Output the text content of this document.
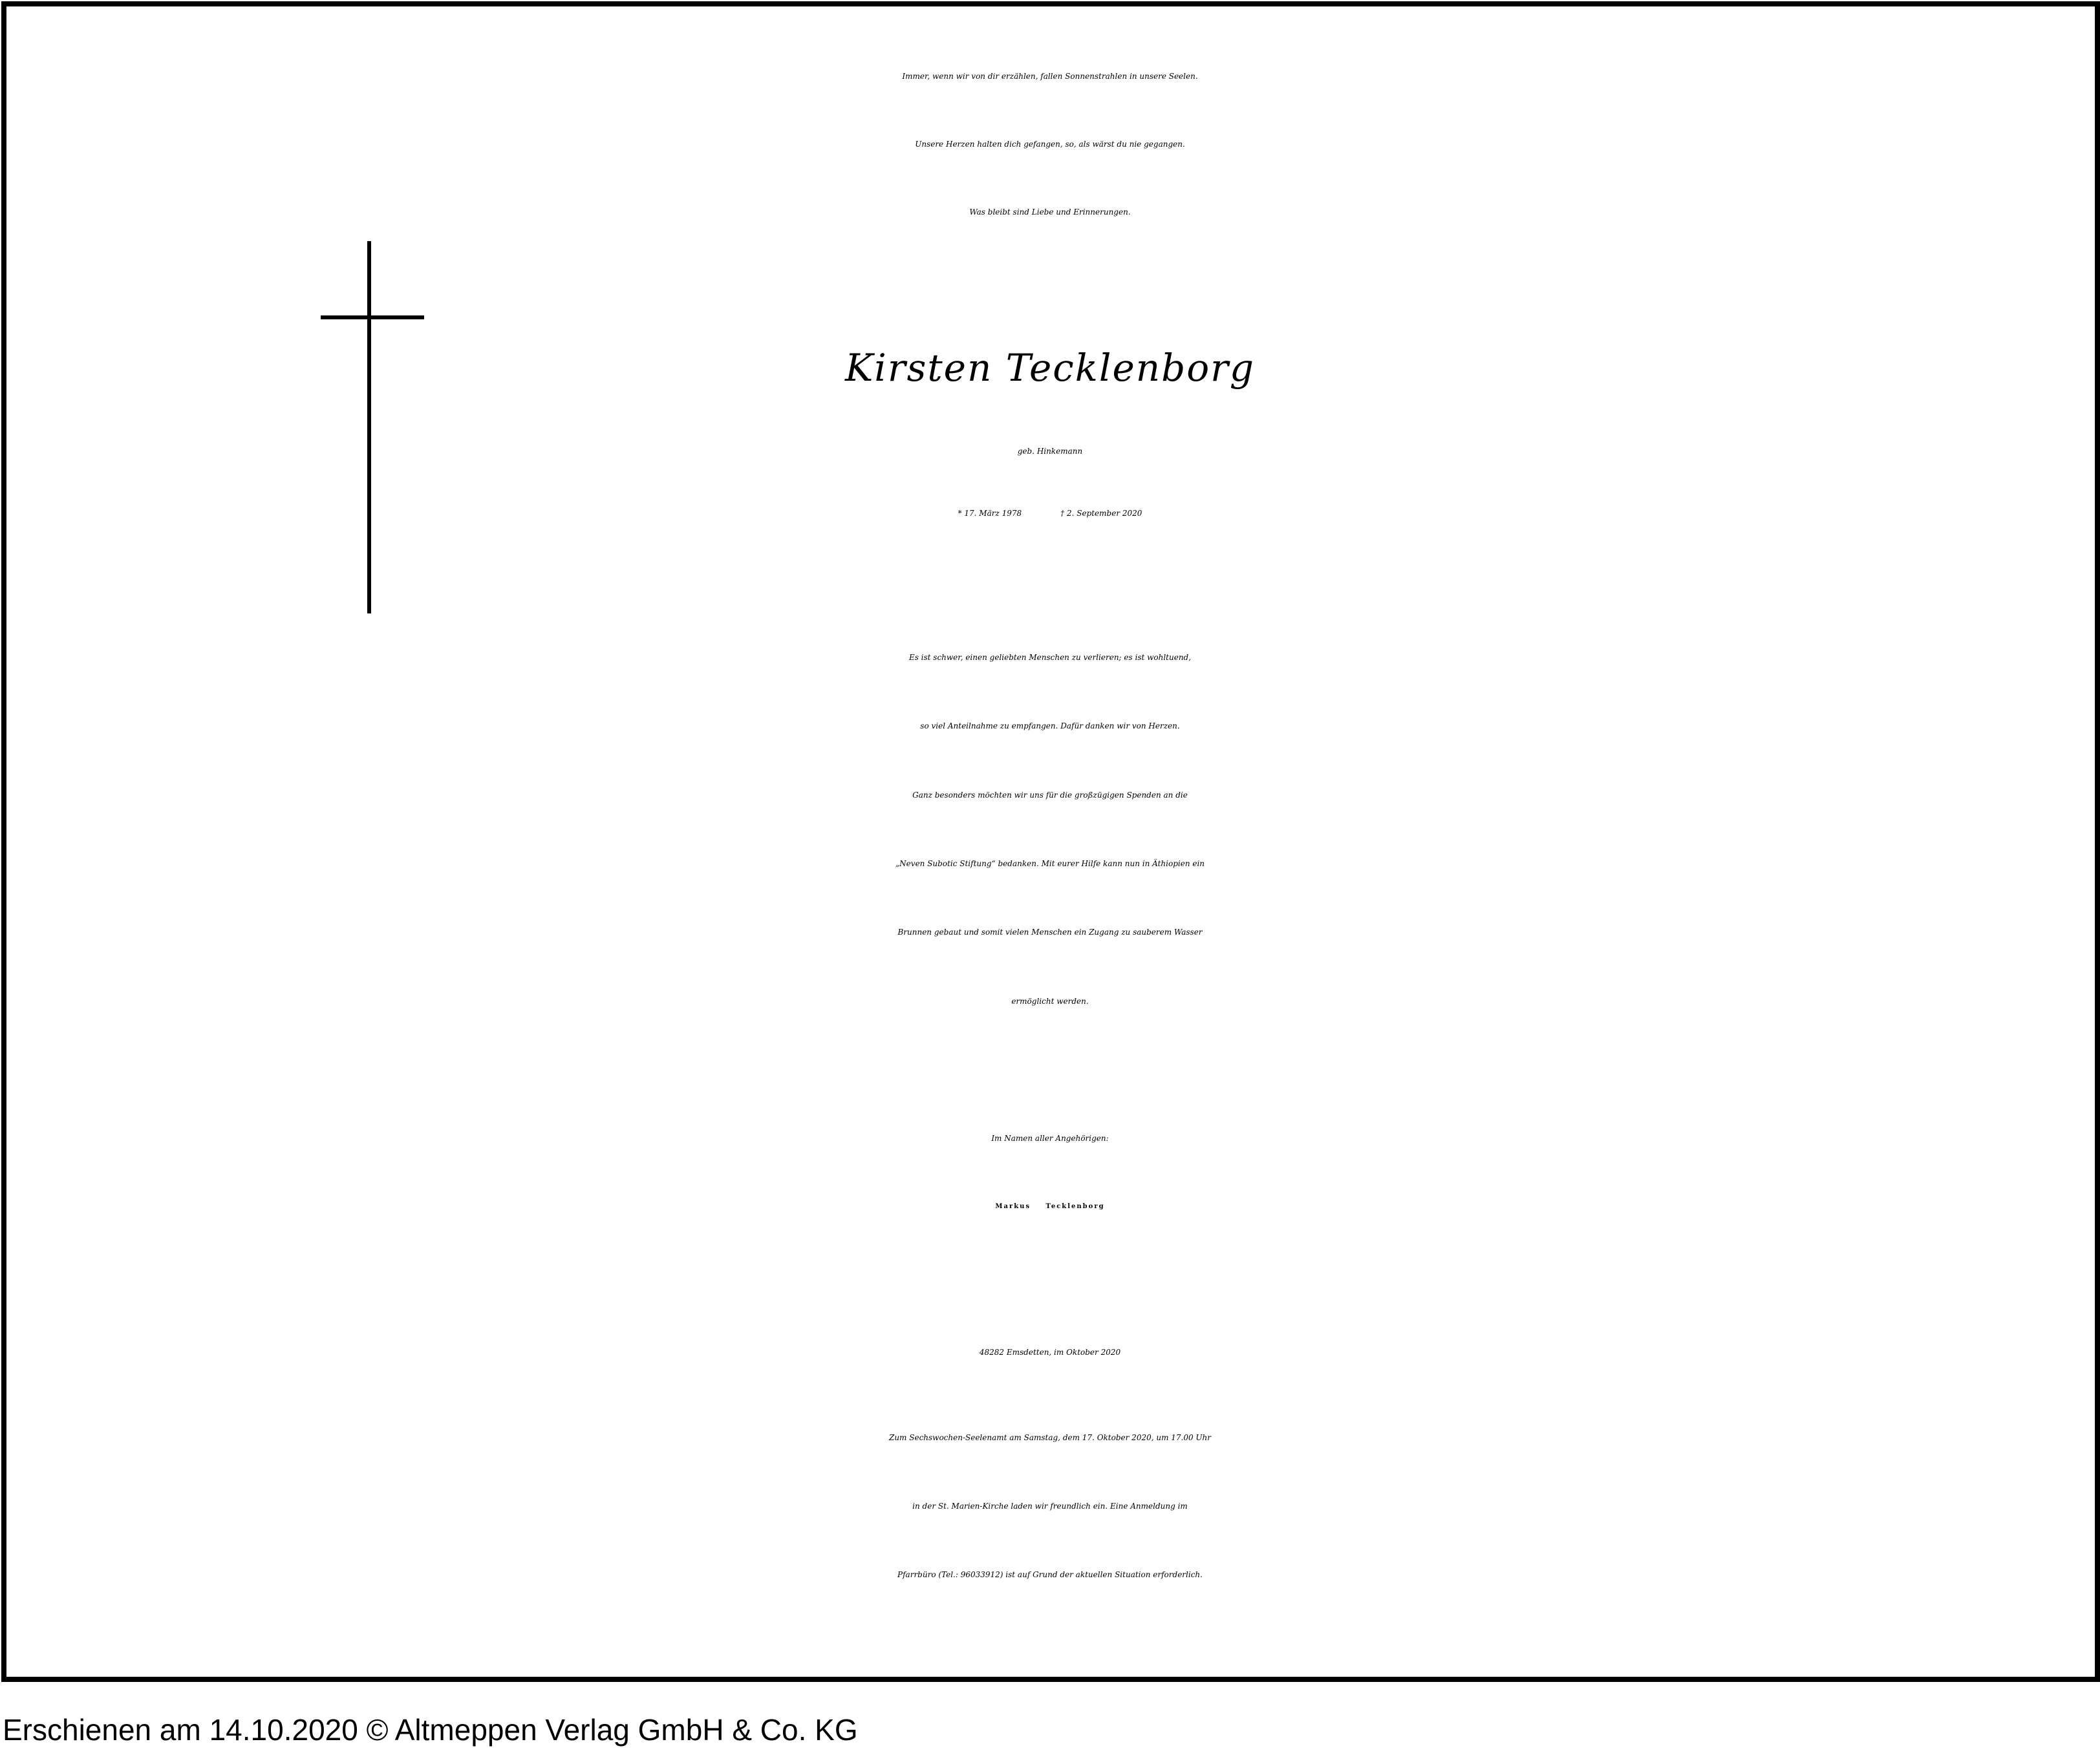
Immer, wenn wir von dir erzählen, fallen Sonnenstrahlen in unsere Seelen.
Unsere Herzen halten dich gefangen, so, als wärst du nie gegangen.
Was bleibt sind Liebe und Erinnerungen.
Kirsten Tecklenborg
geb. Hinkemann
* 17. März 1978	† 2. September 2020
Es ist schwer, einen geliebten Menschen zu verlieren; es ist wohltuend,
so viel Anteilnahme zu empfangen. Dafür danken wir von Herzen.
Ganz besonders möchten wir uns für die großzügigen Spenden an die
„Neven Subotic Stiftung“ bedanken. Mit eurer Hilfe kann nun in Äthiopien ein
Brunnen gebaut und somit vielen Menschen ein Zugang zu sauberem Wasser
ermöglicht werden.
Im Namen aller Angehörigen:
Markus Tecklenborg
48282 Emsdetten, im Oktober 2020
Zum Sechswochen-Seelenamt am Samstag, dem 17. Oktober 2020, um 17.00 Uhr
in der St. Marien-Kirche laden wir freundlich ein. Eine Anmeldung im
Pfarrbüro (Tel.: 96033912) ist auf Grund der aktuellen Situation erforderlich.
Erschienen am 14.10.2020 © Altmeppen Verlag GmbH & Co. KG
